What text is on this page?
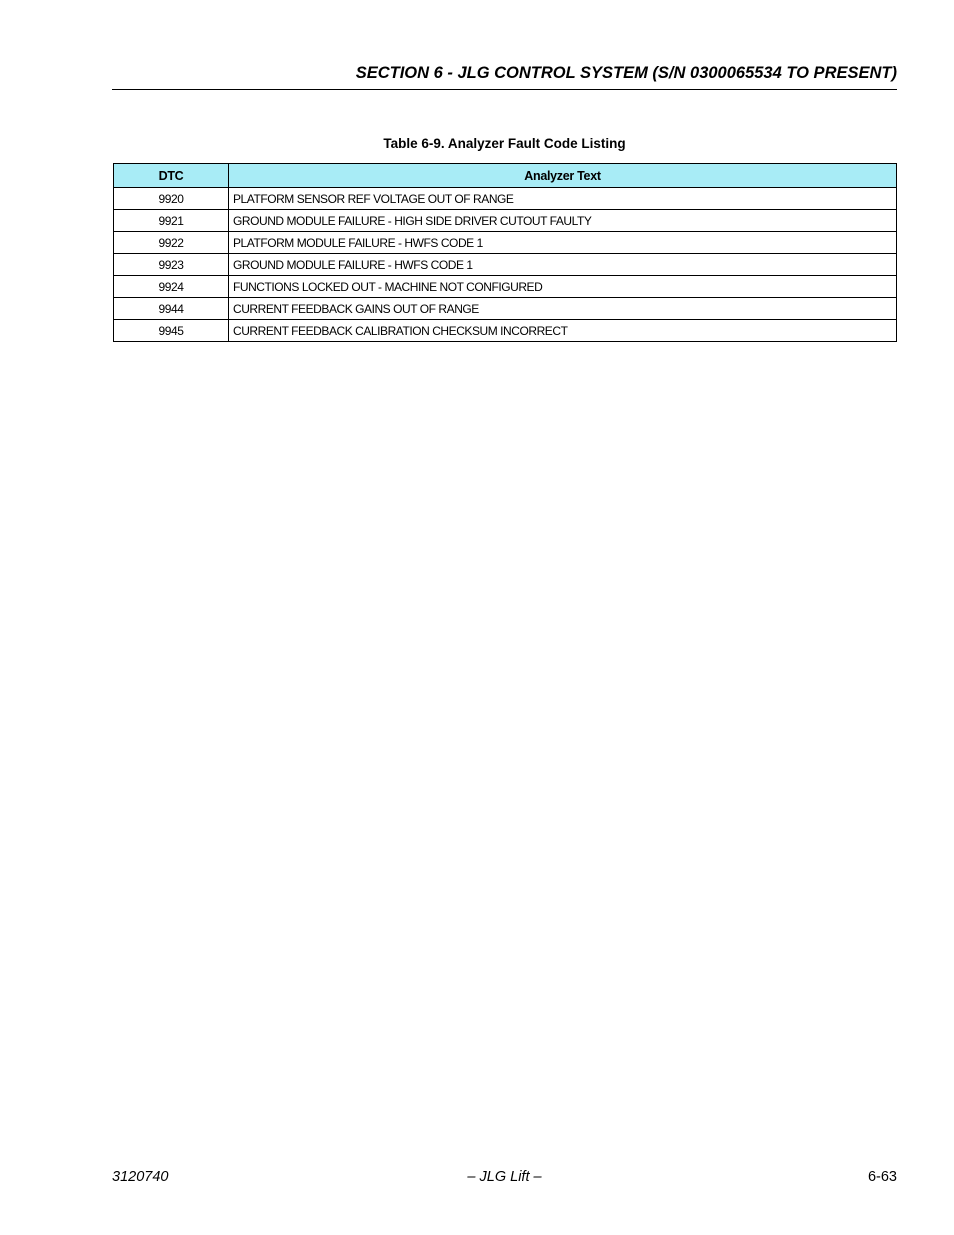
SECTION 6 - JLG CONTROL SYSTEM (S/N 0300065534 TO PRESENT)
Table 6-9. Analyzer Fault Code Listing
DTC	Analyzer Text
9920	PLATFORM SENSOR REF VOLTAGE OUT OF RANGE
9921	GROUND MODULE FAILURE - HIGH SIDE DRIVER CUTOUT FAULTY
9922	PLATFORM MODULE FAILURE - HWFS CODE 1
9923	GROUND MODULE FAILURE - HWFS CODE 1
9924	FUNCTIONS LOCKED OUT - MACHINE NOT CONFIGURED
9944	CURRENT FEEDBACK GAINS OUT OF RANGE
9945	CURRENT FEEDBACK CALIBRATION CHECKSUM INCORRECT
3120740	– JLG Lift –	6-63
